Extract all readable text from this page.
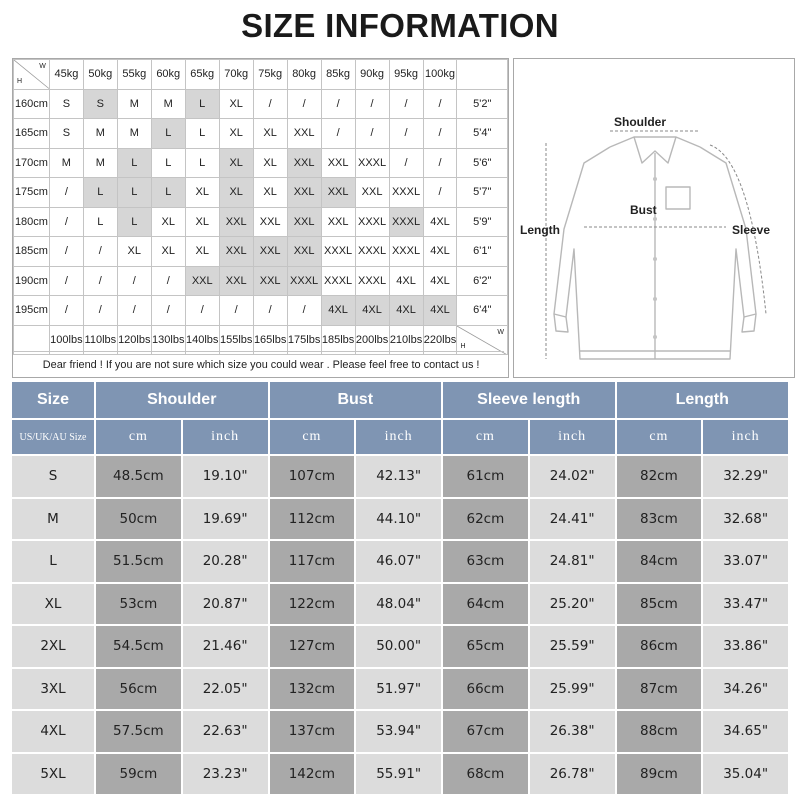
SIZE INFORMATION
H
W	45kg	50kg	55kg	60kg	65kg	70kg	75kg	80kg	85kg	90kg	95kg	100kg	
160cm	S	S	M	M	L	XL	/	/	/	/	/	/	5'2"
165cm	S	M	M	L	L	XL	XL	XXL	/	/	/	/	5'4"
170cm	M	M	L	L	L	XL	XL	XXL	XXL	XXXL	/	/	5'6"
175cm	/	L	L	L	XL	XL	XL	XXL	XXL	XXL	XXXL	/	5'7"
180cm	/	L	L	XL	XL	XXL	XXL	XXL	XXL	XXXL	XXXL	4XL	5'9"
185cm	/	/	XL	XL	XL	XXL	XXL	XXL	XXXL	XXXL	XXXL	4XL	6'1"
190cm	/	/	/	/	XXL	XXL	XXL	XXXL	XXXL	XXXL	4XL	4XL	6'2"
195cm	/	/	/	/	/	/	/	/	4XL	4XL	4XL	4XL	6'4"
	100lbs	110lbs	120lbs	130lbs	140lbs	155lbs	165lbs	175lbs	185lbs	200lbs	210lbs	220lbs	H
W
Dear friend ! If you are not sure which size you could wear . Please feel free to contact us !
Shoulder
Bust
Length	Sleeve
Size	Shoulder		Bust		Sleeve length		Length	
US/UK/AU Size	cm	inch	cm	inch	cm	inch	cm	inch
S	48.5cm	19.10"	107cm	42.13"	61cm	24.02"	82cm	32.29"
M	50cm	19.69"	112cm	44.10"	62cm	24.41"	83cm	32.68"
L	51.5cm	20.28"	117cm	46.07"	63cm	24.81"	84cm	33.07"
XL	53cm	20.87"	122cm	48.04"	64cm	25.20"	85cm	33.47"
2XL	54.5cm	21.46"	127cm	50.00"	65cm	25.59"	86cm	33.86"
3XL	56cm	22.05"	132cm	51.97"	66cm	25.99"	87cm	34.26"
4XL	57.5cm	22.63"	137cm	53.94"	67cm	26.38"	88cm	34.65"
5XL	59cm	23.23"	142cm	55.91"	68cm	26.78"	89cm	35.04"
